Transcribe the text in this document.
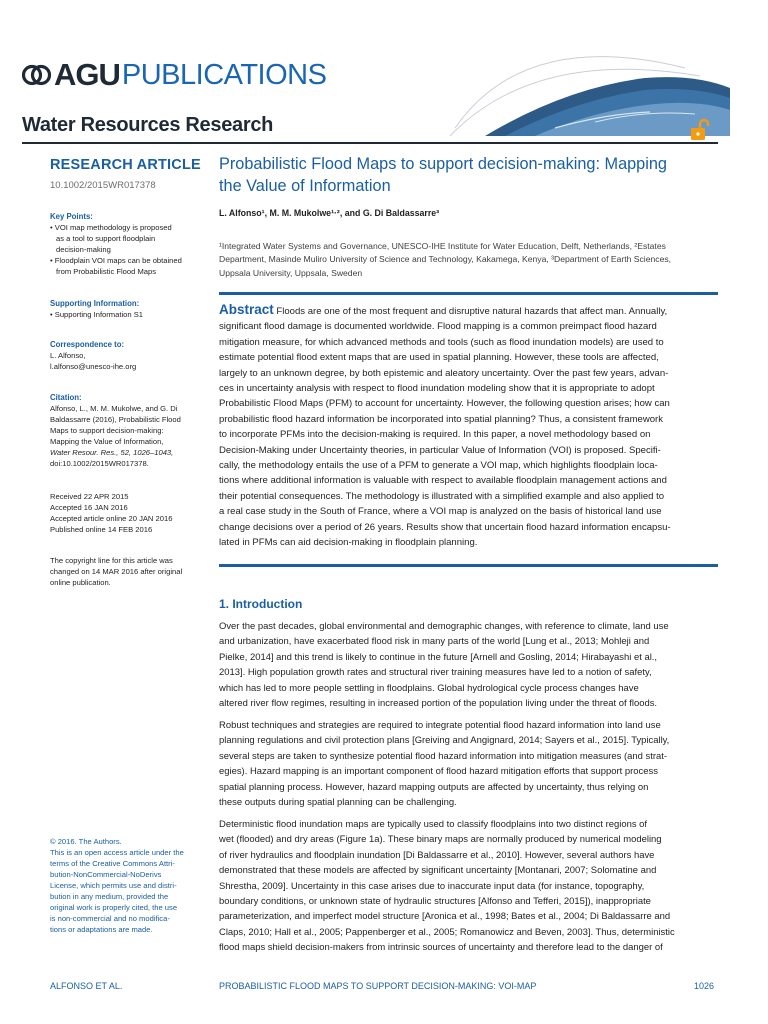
AGU PUBLICATIONS
Water Resources Research
RESEARCH ARTICLE
10.1002/2015WR017378
Key Points:
• VOI map methodology is proposed
as a tool to support floodplain
decision-making
• Floodplain VOI maps can be obtained
from Probabilistic Flood Maps
Supporting Information:
• Supporting Information S1
Correspondence to:
L. Alfonso,
l.alfonso@unesco-ihe.org
Citation:
Alfonso, L., M. M. Mukolwe, and G. Di
Baldassarre (2016), Probabilistic Flood
Maps to support decision-making:
Mapping the Value of Information,
Water Resour. Res., 52, 1026–1043,
doi:10.1002/2015WR017378.
Received 22 APR 2015
Accepted 16 JAN 2016
Accepted article online 20 JAN 2016
Published online 14 FEB 2016
The copyright line for this article was
changed on 14 MAR 2016 after original
online publication.
© 2016. The Authors.
This is an open access article under the
terms of the Creative Commons Attri-
bution-NonCommercial-NoDerivs
License, which permits use and distri-
bution in any medium, provided the
original work is properly cited, the use
is non-commercial and no modifica-
tions or adaptations are made.
Probabilistic Flood Maps to support decision-making: Mapping
the Value of Information
L. Alfonso¹, M. M. Mukolwe¹·², and G. Di Baldassarre³
¹Integrated Water Systems and Governance, UNESCO-IHE Institute for Water Education, Delft, Netherlands, ²Estates
Department, Masinde Muliro University of Science and Technology, Kakamega, Kenya, ³Department of Earth Sciences,
Uppsala University, Uppsala, Sweden
Abstract Floods are one of the most frequent and disruptive natural hazards that affect man. Annually,
significant flood damage is documented worldwide. Flood mapping is a common preimpact flood hazard
mitigation measure, for which advanced methods and tools (such as flood inundation models) are used to
estimate potential flood extent maps that are used in spatial planning. However, these tools are affected,
largely to an unknown degree, by both epistemic and aleatory uncertainty. Over the past few years, advan-
ces in uncertainty analysis with respect to flood inundation modeling show that it is appropriate to adopt
Probabilistic Flood Maps (PFM) to account for uncertainty. However, the following question arises; how can
probabilistic flood hazard information be incorporated into spatial planning? Thus, a consistent framework
to incorporate PFMs into the decision-making is required. In this paper, a novel methodology based on
Decision-Making under Uncertainty theories, in particular Value of Information (VOI) is proposed. Specifi-
cally, the methodology entails the use of a PFM to generate a VOI map, which highlights floodplain loca-
tions where additional information is valuable with respect to available floodplain management actions and
their potential consequences. The methodology is illustrated with a simplified example and also applied to
a real case study in the South of France, where a VOI map is analyzed on the basis of historical land use
change decisions over a period of 26 years. Results show that uncertain flood hazard information encapsu-
lated in PFMs can aid decision-making in floodplain planning.
1. Introduction
Over the past decades, global environmental and demographic changes, with reference to climate, land use
and urbanization, have exacerbated flood risk in many parts of the world [Lung et al., 2013; Mohleji and
Pielke, 2014] and this trend is likely to continue in the future [Arnell and Gosling, 2014; Hirabayashi et al.,
2013]. High population growth rates and structural river training measures have led to a notion of safety,
which has led to more people settling in floodplains. Global hydrological cycle process changes have
altered river flow regimes, resulting in increased portion of the population living under the threat of floods.
Robust techniques and strategies are required to integrate potential flood hazard information into land use
planning regulations and civil protection plans [Greiving and Angignard, 2014; Sayers et al., 2015]. Typically,
several steps are taken to synthesize potential flood hazard information into mitigation measures (and strat-
egies). Hazard mapping is an important component of flood hazard mitigation efforts that support process
spatial planning process. However, hazard mapping outputs are affected by uncertainty, thus relying on
these outputs during spatial planning can be challenging.
Deterministic flood inundation maps are typically used to classify floodplains into two distinct regions of
wet (flooded) and dry areas (Figure 1a). These binary maps are normally produced by numerical modeling
of river hydraulics and floodplain inundation [Di Baldassarre et al., 2010]. However, several authors have
demonstrated that these models are affected by significant uncertainty [Montanari, 2007; Solomatine and
Shrestha, 2009]. Uncertainty in this case arises due to inaccurate input data (for instance, topography,
boundary conditions, or unknown state of hydraulic structures [Alfonso and Tefferi, 2015]), inappropriate
parameterization, and imperfect model structure [Aronica et al., 1998; Bates et al., 2004; Di Baldassarre and
Claps, 2010; Hall et al., 2005; Pappenberger et al., 2005; Romanowicz and Beven, 2003]. Thus, deterministic
flood maps shield decision-makers from intrinsic sources of uncertainty and therefore lead to the danger of
ALFONSO ET AL.	PROBABILISTIC FLOOD MAPS TO SUPPORT DECISION-MAKING: VOI-MAP	1026
